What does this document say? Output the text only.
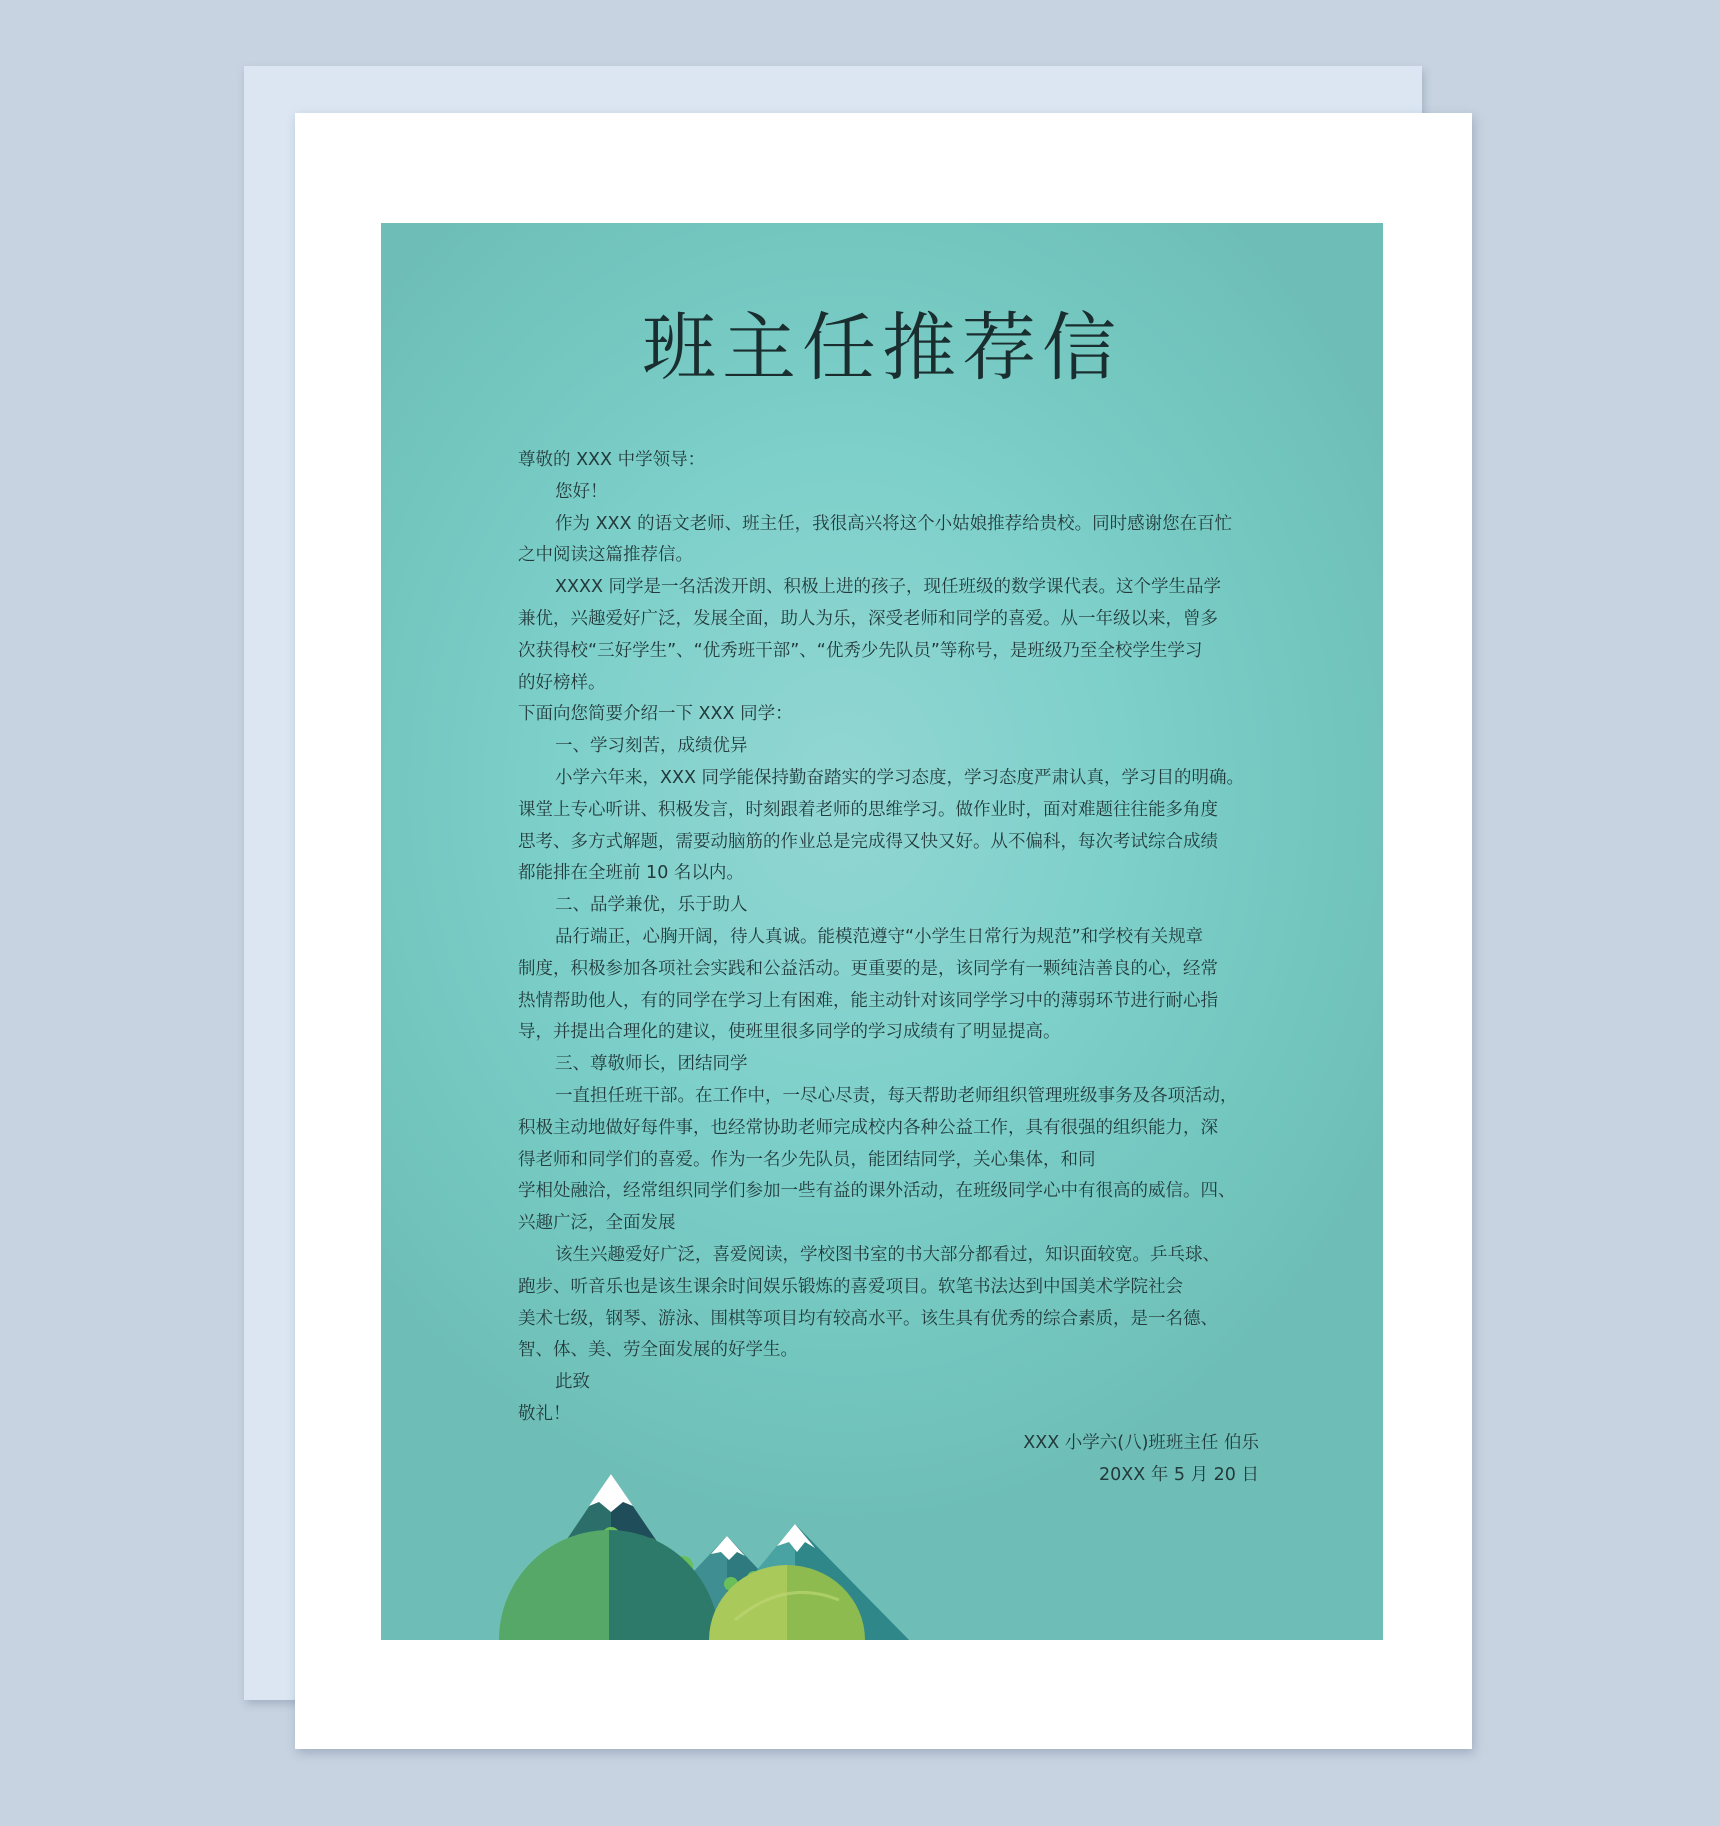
班主任推荐信
尊敬的 XXX 中学领导：
您好！
作为 XXX 的语文老师、班主任，我很高兴将这个小姑娘推荐给贵校。同时感谢您在百忙
之中阅读这篇推荐信。
XXXX 同学是一名活泼开朗、积极上进的孩子，现任班级的数学课代表。这个学生品学
兼优，兴趣爱好广泛，发展全面，助人为乐，深受老师和同学的喜爱。从一年级以来，曾多
次获得校“三好学生”、“优秀班干部”、“优秀少先队员”等称号，是班级乃至全校学生学习
的好榜样。
下面向您简要介绍一下 XXX 同学：
一、学习刻苦，成绩优异
小学六年来，XXX 同学能保持勤奋踏实的学习态度，学习态度严肃认真，学习目的明确。
课堂上专心听讲、积极发言，时刻跟着老师的思维学习。做作业时，面对难题往往能多角度
思考、多方式解题，需要动脑筋的作业总是完成得又快又好。从不偏科，每次考试综合成绩
都能排在全班前 10 名以内。
二、品学兼优，乐于助人
品行端正，心胸开阔，待人真诚。能模范遵守“小学生日常行为规范”和学校有关规章
制度，积极参加各项社会实践和公益活动。更重要的是，该同学有一颗纯洁善良的心，经常
热情帮助他人，有的同学在学习上有困难，能主动针对该同学学习中的薄弱环节进行耐心指
导，并提出合理化的建议，使班里很多同学的学习成绩有了明显提高。
三、尊敬师长，团结同学
一直担任班干部。在工作中，一尽心尽责，每天帮助老师组织管理班级事务及各项活动，
积极主动地做好每件事，也经常协助老师完成校内各种公益工作，具有很强的组织能力，深
得老师和同学们的喜爱。作为一名少先队员，能团结同学，关心集体，和同
学相处融洽，经常组织同学们参加一些有益的课外活动，在班级同学心中有很高的威信。四、
兴趣广泛，全面发展
该生兴趣爱好广泛，喜爱阅读，学校图书室的书大部分都看过，知识面较宽。乒乓球、
跑步、听音乐也是该生课余时间娱乐锻炼的喜爱项目。软笔书法达到中国美术学院社会
美术七级，钢琴、游泳、围棋等项目均有较高水平。该生具有优秀的综合素质，是一名德、
智、体、美、劳全面发展的好学生。
此致
敬礼！
XXX 小学六(八)班班主任 伯乐
20XX 年 5 月 20 日
